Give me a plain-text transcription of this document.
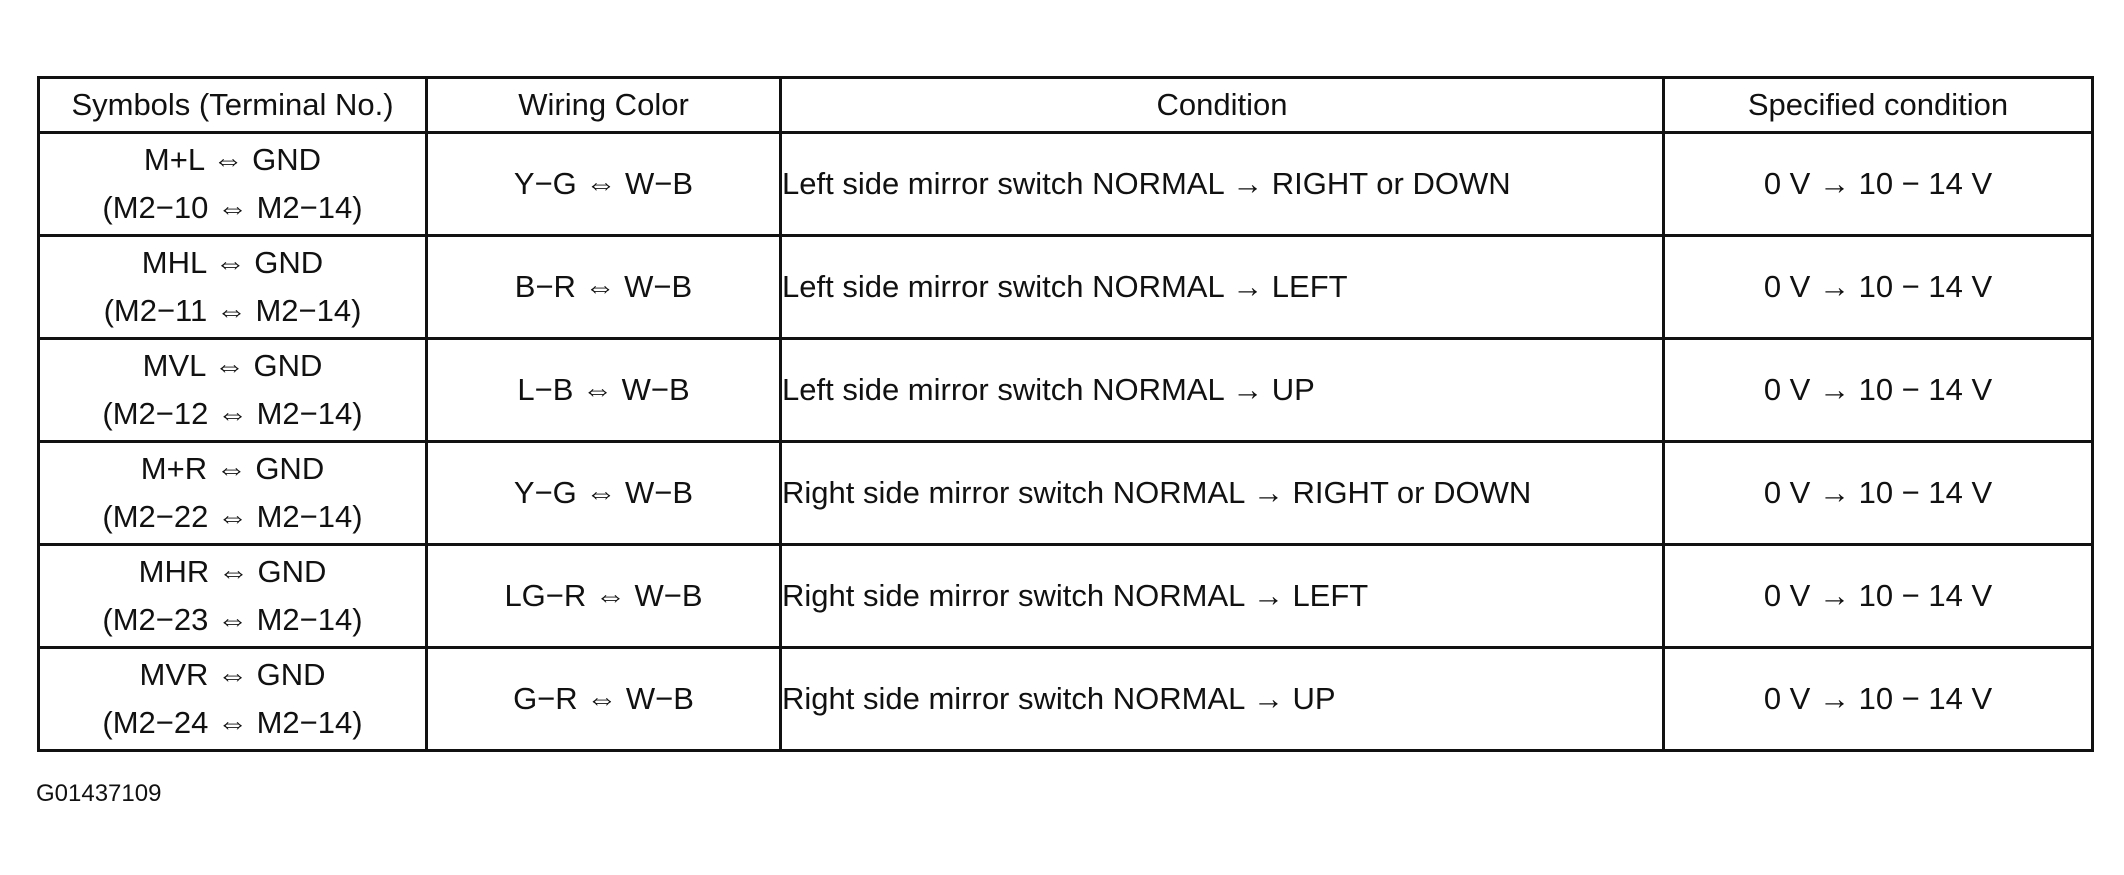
Symbols (Terminal No.)	Wiring Color	Condition	Specified condition

M+L ⇔ GND
(M2−10 ⇔ M2−14)	Y−G ⇔ W−B	Left side mirror switch NORMAL → RIGHT or DOWN	0 V → 10 − 14 V

MHL ⇔ GND
(M2−11 ⇔ M2−14)	B−R ⇔ W−B	Left side mirror switch NORMAL → LEFT	0 V → 10 − 14 V

MVL ⇔ GND
(M2−12 ⇔ M2−14)	L−B ⇔ W−B	Left side mirror switch NORMAL → UP	0 V → 10 − 14 V

M+R ⇔ GND
(M2−22 ⇔ M2−14)	Y−G ⇔ W−B	Right side mirror switch NORMAL → RIGHT or DOWN	0 V → 10 − 14 V

MHR ⇔ GND
(M2−23 ⇔ M2−14)	LG−R ⇔ W−B	Right side mirror switch NORMAL → LEFT	0 V → 10 − 14 V

MVR ⇔ GND
(M2−24 ⇔ M2−14)	G−R ⇔ W−B	Right side mirror switch NORMAL → UP	0 V → 10 − 14 V
G01437109
